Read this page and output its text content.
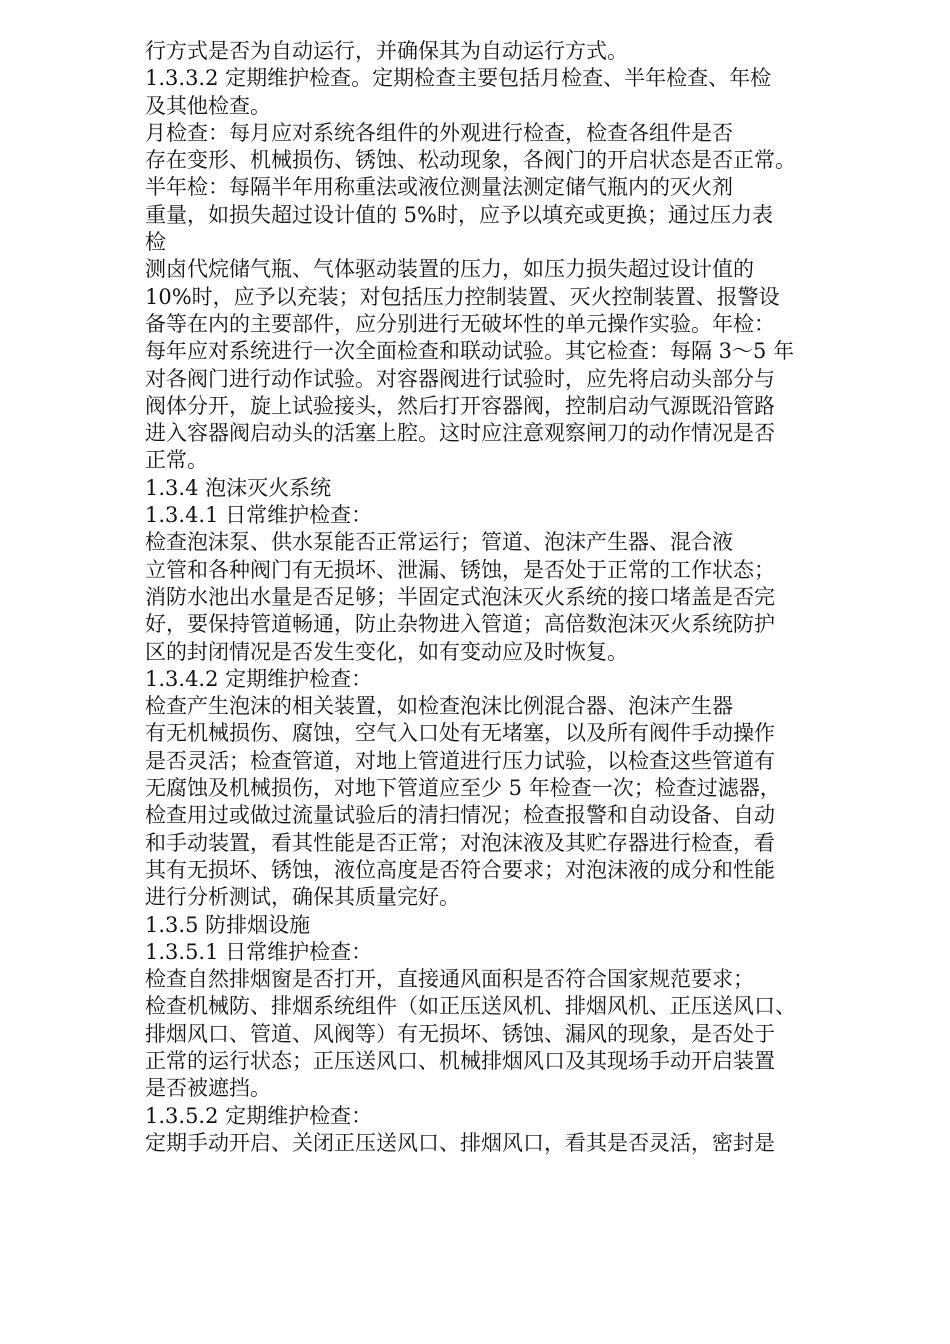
行方式是否为自动运行，并确保其为自动运行方式。
1.3.3.2 定期维护检查。定期检查主要包括月检查、半年检查、年检
及其他检查。
月检查：每月应对系统各组件的外观进行检查，检查各组件是否
存在变形、机械损伤、锈蚀、松动现象，各阀门的开启状态是否正常。
半年检：每隔半年用称重法或液位测量法测定储气瓶内的灭火剂
重量，如损失超过设计值的 5%时，应予以填充或更换；通过压力表
检
测卤代烷储气瓶、气体驱动装置的压力，如压力损失超过设计值的
10%时，应予以充装；对包括压力控制装置、灭火控制装置、报警设
备等在内的主要部件，应分别进行无破坏性的单元操作实验。年检：
每年应对系统进行一次全面检查和联动试验。其它检查：每隔 3～5 年
对各阀门进行动作试验。对容器阀进行试验时，应先将启动头部分与
阀体分开，旋上试验接头，然后打开容器阀，控制启动气源既沿管路
进入容器阀启动头的活塞上腔。这时应注意观察闸刀的动作情况是否
正常。
1.3.4 泡沫灭火系统
1.3.4.1 日常维护检查：
检查泡沫泵、供水泵能否正常运行；管道、泡沫产生器、混合液
立管和各种阀门有无损坏、泄漏、锈蚀，是否处于正常的工作状态；
消防水池出水量是否足够；半固定式泡沫灭火系统的接口堵盖是否完
好，要保持管道畅通，防止杂物进入管道；高倍数泡沫灭火系统防护
区的封闭情况是否发生变化，如有变动应及时恢复。
1.3.4.2 定期维护检查：
检查产生泡沫的相关装置，如检查泡沫比例混合器、泡沫产生器
有无机械损伤、腐蚀，空气入口处有无堵塞，以及所有阀件手动操作
是否灵活；检查管道，对地上管道进行压力试验，以检查这些管道有
无腐蚀及机械损伤，对地下管道应至少 5 年检查一次；检查过滤器，
检查用过或做过流量试验后的清扫情况；检查报警和自动设备、自动
和手动装置，看其性能是否正常；对泡沫液及其贮存器进行检查，看
其有无损坏、锈蚀，液位高度是否符合要求；对泡沫液的成分和性能
进行分析测试，确保其质量完好。
1.3.5 防排烟设施
1.3.5.1 日常维护检查：
检查自然排烟窗是否打开，直接通风面积是否符合国家规范要求；
检查机械防、排烟系统组件（如正压送风机、排烟风机、正压送风口、
排烟风口、管道、风阀等）有无损坏、锈蚀、漏风的现象，是否处于
正常的运行状态；正压送风口、机械排烟风口及其现场手动开启装置
是否被遮挡。
1.3.5.2 定期维护检查：
定期手动开启、关闭正压送风口、排烟风口，看其是否灵活，密封是
